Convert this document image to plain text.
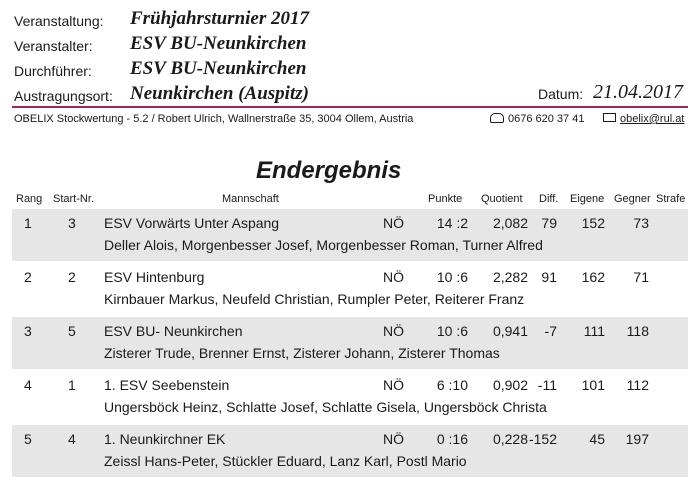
Veranstaltung: Frühjahrsturnier 2017
Veranstalter: ESV BU-Neunkirchen
Durchführer: ESV BU-Neunkirchen
Austragungsort: Neunkirchen (Auspitz)	Datum: 21.04.2017
OBELIX Stockwertung - 5.2 / Robert Ulrich, Wallnerstraße 35, 3004 Ollem, Austria	0676 620 37 41	obelix@rul.at
Endergebnis
Rang Start-Nr.	Mannschaft	Punkte Quotient Diff. Eigene Gegner Strafe
1	3 ESV Vorwärts Unter Aspang	NÖ 14 :2 2,082 79 152 73
Deller Alois, Morgenbesser Josef, Morgenbesser Roman, Turner Alfred
2	2 ESV Hintenburg	NÖ 10 :6 2,282 91 162 71
Kirnbauer Markus, Neufeld Christian, Rumpler Peter, Reiterer Franz
3	5 ESV BU- Neunkirchen	NÖ 10 :6 0,941 -7 111 118
Zisterer Trude, Brenner Ernst, Zisterer Johann, Zisterer Thomas
4	1 1. ESV Seebenstein	NÖ 6 :10 0,902 -11 101 112
Ungersböck Heinz, Schlatte Josef, Schlatte Gisela, Ungersböck Christa
5	4 1. Neunkirchner EK	NÖ 0 :16 0,228 -152 45 197
Zeissl Hans-Peter, Stückler Eduard, Lanz Karl, Postl Mario
